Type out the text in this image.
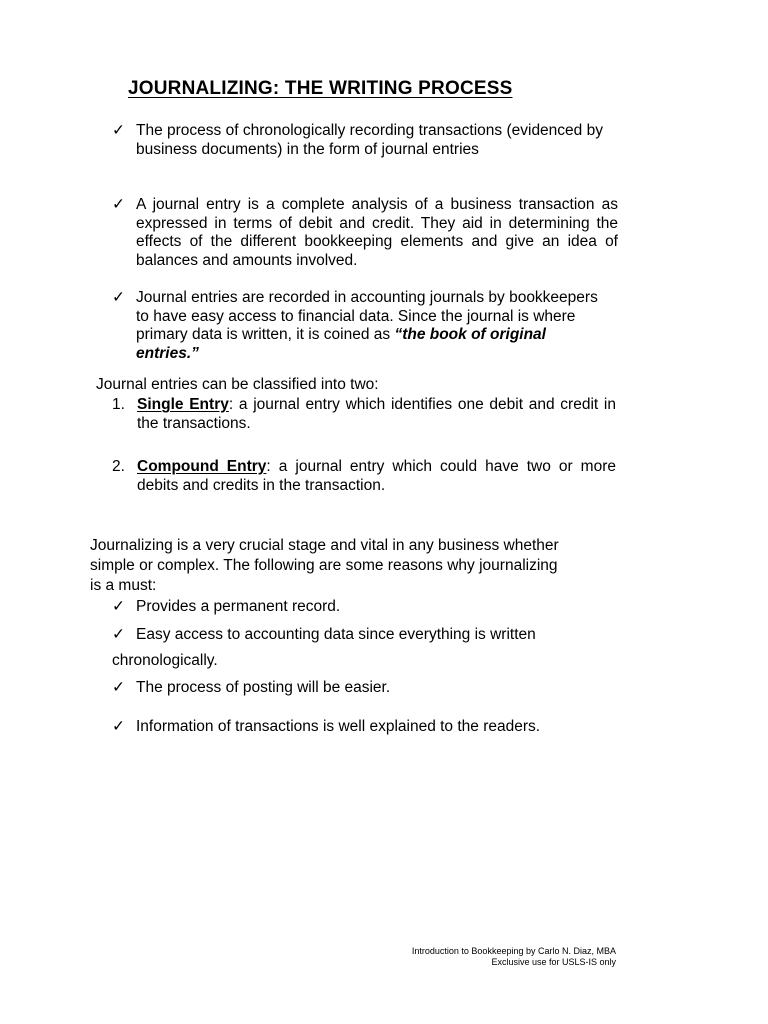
JOURNALIZING: THE WRITING PROCESS
✓ The process of chronologically recording transactions (evidenced by business documents) in the form of journal entries
✓ A journal entry is a complete analysis of a business transaction as expressed in terms of debit and credit. They aid in determining the effects of the different bookkeeping elements and give an idea of balances and amounts involved.
✓ Journal entries are recorded in accounting journals by bookkeepers to have easy access to financial data. Since the journal is where primary data is written, it is coined as “the book of original entries.”
Journal entries can be classified into two:
1. Single Entry: a journal entry which identifies one debit and credit in the transactions.
2. Compound Entry: a journal entry which could have two or more debits and credits in the transaction.
Journalizing is a very crucial stage and vital in any business whether
simple or complex. The following are some reasons why journalizing
is a must:
✓ Provides a permanent record.
✓ Easy access to accounting data since everything is written
chronologically.
✓ The process of posting will be easier.
✓ Information of transactions is well explained to the readers.
Introduction to Bookkeeping by Carlo N. Diaz, MBA
Exclusive use for USLS-IS only
